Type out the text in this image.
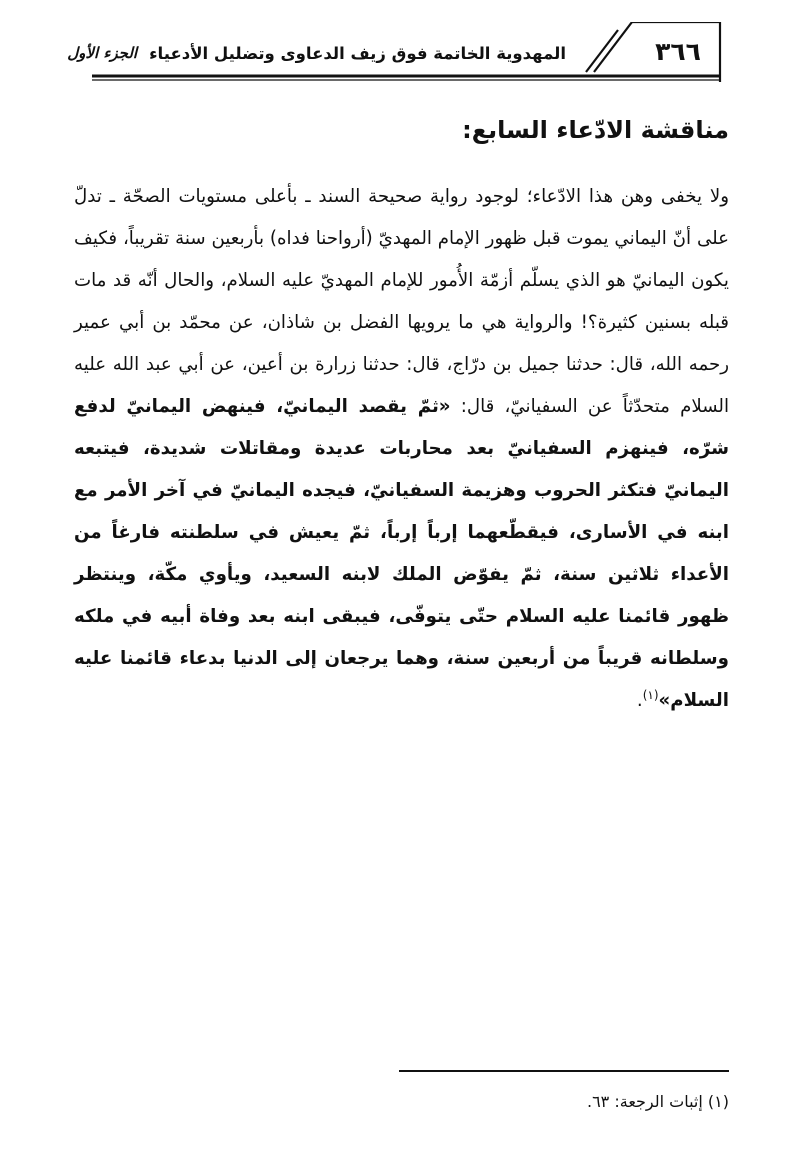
٣٦٦
المهدوية الخاتمة فوق زيف الدعاوى وتضليل الأدعياء
الجزء الأول
مناقشة الادّعاء السابع:

ولا يخفى وهن هذا الادّعاء؛ لوجود رواية صحيحة السند ـ بأعلى مستويات الصحّة ـ تدلّ على أنّ اليماني يموت قبل ظهور الإمام المهديّ (أرواحنا فداه) بأربعين سنة تقريباً، فكيف يكون اليمانيّ هو الذي يسلّم أزمّة الأُمور للإمام المهديّ عليه السلام، والحال أنّه قد مات قبله بسنين كثيرة؟! والرواية هي ما يرويها الفضل بن شاذان، عن محمّد بن أبي عمير رحمه الله، قال: حدثنا جميل بن درّاج، قال: حدثنا زرارة بن أعين، عن أبي عبد الله عليه السلام متحدّثاً عن السفيانيّ، قال: «ثمّ يقصد اليمانيّ، فينهض اليمانيّ لدفع شرّه، فينهزم السفيانيّ بعد محاربات عديدة ومقاتلات شديدة، فيتبعه اليمانيّ فتكثر الحروب وهزيمة السفيانيّ، فيجده اليمانيّ في آخر الأمر مع ابنه في الأسارى، فيقطّعهما إرباً إرباً، ثمّ يعيش في سلطنته فارغاً من الأعداء ثلاثين سنة، ثمّ يفوّض الملك لابنه السعيد، ويأوي مكّة، وينتظر ظهور قائمنا عليه السلام حتّى يتوفّى، فيبقى ابنه بعد وفاة أبيه في ملكه وسلطانه قريباً من أربعين سنة، وهما يرجعان إلى الدنيا بدعاء قائمنا عليه السلام»$^{(١)}$.

(١) إثبات الرجعة: ٦٣.
